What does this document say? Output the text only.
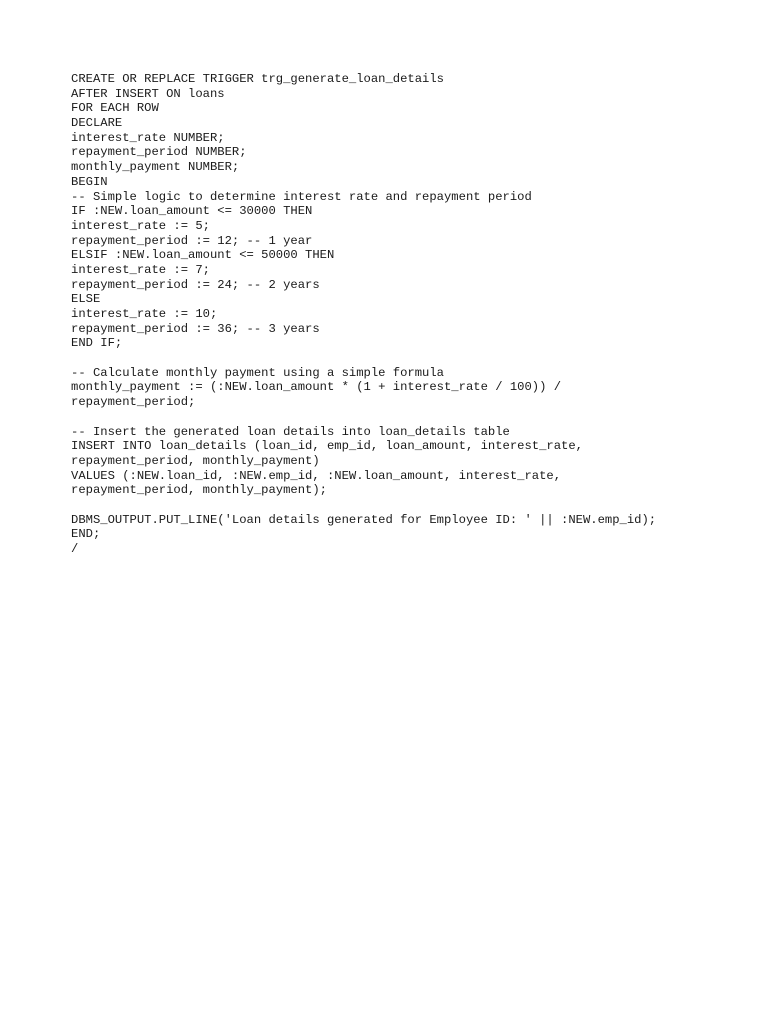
CREATE OR REPLACE TRIGGER trg_generate_loan_details
AFTER INSERT ON loans
FOR EACH ROW
DECLARE
interest_rate NUMBER;
repayment_period NUMBER;
monthly_payment NUMBER;
BEGIN
-- Simple logic to determine interest rate and repayment period
IF :NEW.loan_amount <= 30000 THEN
interest_rate := 5;
repayment_period := 12; -- 1 year
ELSIF :NEW.loan_amount <= 50000 THEN
interest_rate := 7;
repayment_period := 24; -- 2 years
ELSE
interest_rate := 10;
repayment_period := 36; -- 3 years
END IF;
-- Calculate monthly payment using a simple formula
monthly_payment := (:NEW.loan_amount * (1 + interest_rate / 100)) /
repayment_period;
-- Insert the generated loan details into loan_details table
INSERT INTO loan_details (loan_id, emp_id, loan_amount, interest_rate,
repayment_period, monthly_payment)
VALUES (:NEW.loan_id, :NEW.emp_id, :NEW.loan_amount, interest_rate,
repayment_period, monthly_payment);
DBMS_OUTPUT.PUT_LINE('Loan details generated for Employee ID: ' || :NEW.emp_id);
END;
/
